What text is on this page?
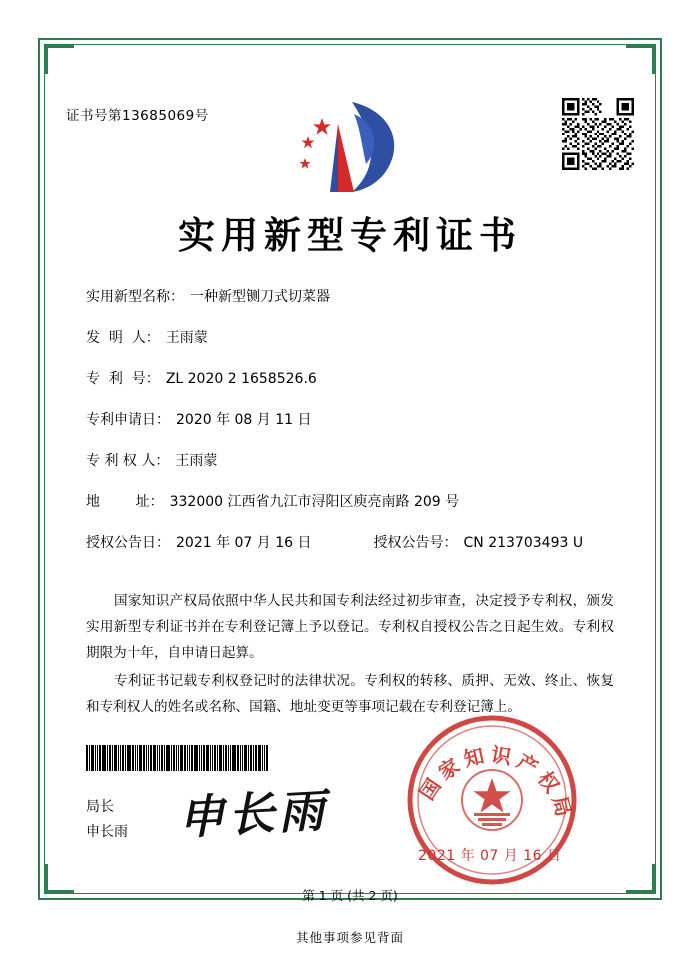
证书号第13685069号
实用新型专利证书
实用新型名称： 一种新型铡刀式切菜器
发  明  人： 王雨蒙
专  利  号： ZL 2020 2 1658526.6
专利申请日： 2020 年 08 月 11 日
专 利 权 人： 王雨蒙
地        址： 332000 江西省九江市浔阳区庾亮南路 209 号
授权公告日： 2021 年 07 月 16 日	授权公告号： CN 213703493 U

国家知识产权局依照中华人民共和国专利法经过初步审查，决定授予专利权，颁发实用新型专利证书并在专利登记簿上予以登记。专利权自授权公告之日起生效。专利权期限为十年，自申请日起算。

专利证书记载专利权登记时的法律状况。专利权的转移、质押、无效、终止、恢复和专利权人的姓名或名称、国籍、地址变更等事项记载在专利登记簿上。

局长
申长雨 申长雨	国家知识产权局
2021 年 07 月 16 日
第 1 页 (共 2 页)
其他事项参见背面
